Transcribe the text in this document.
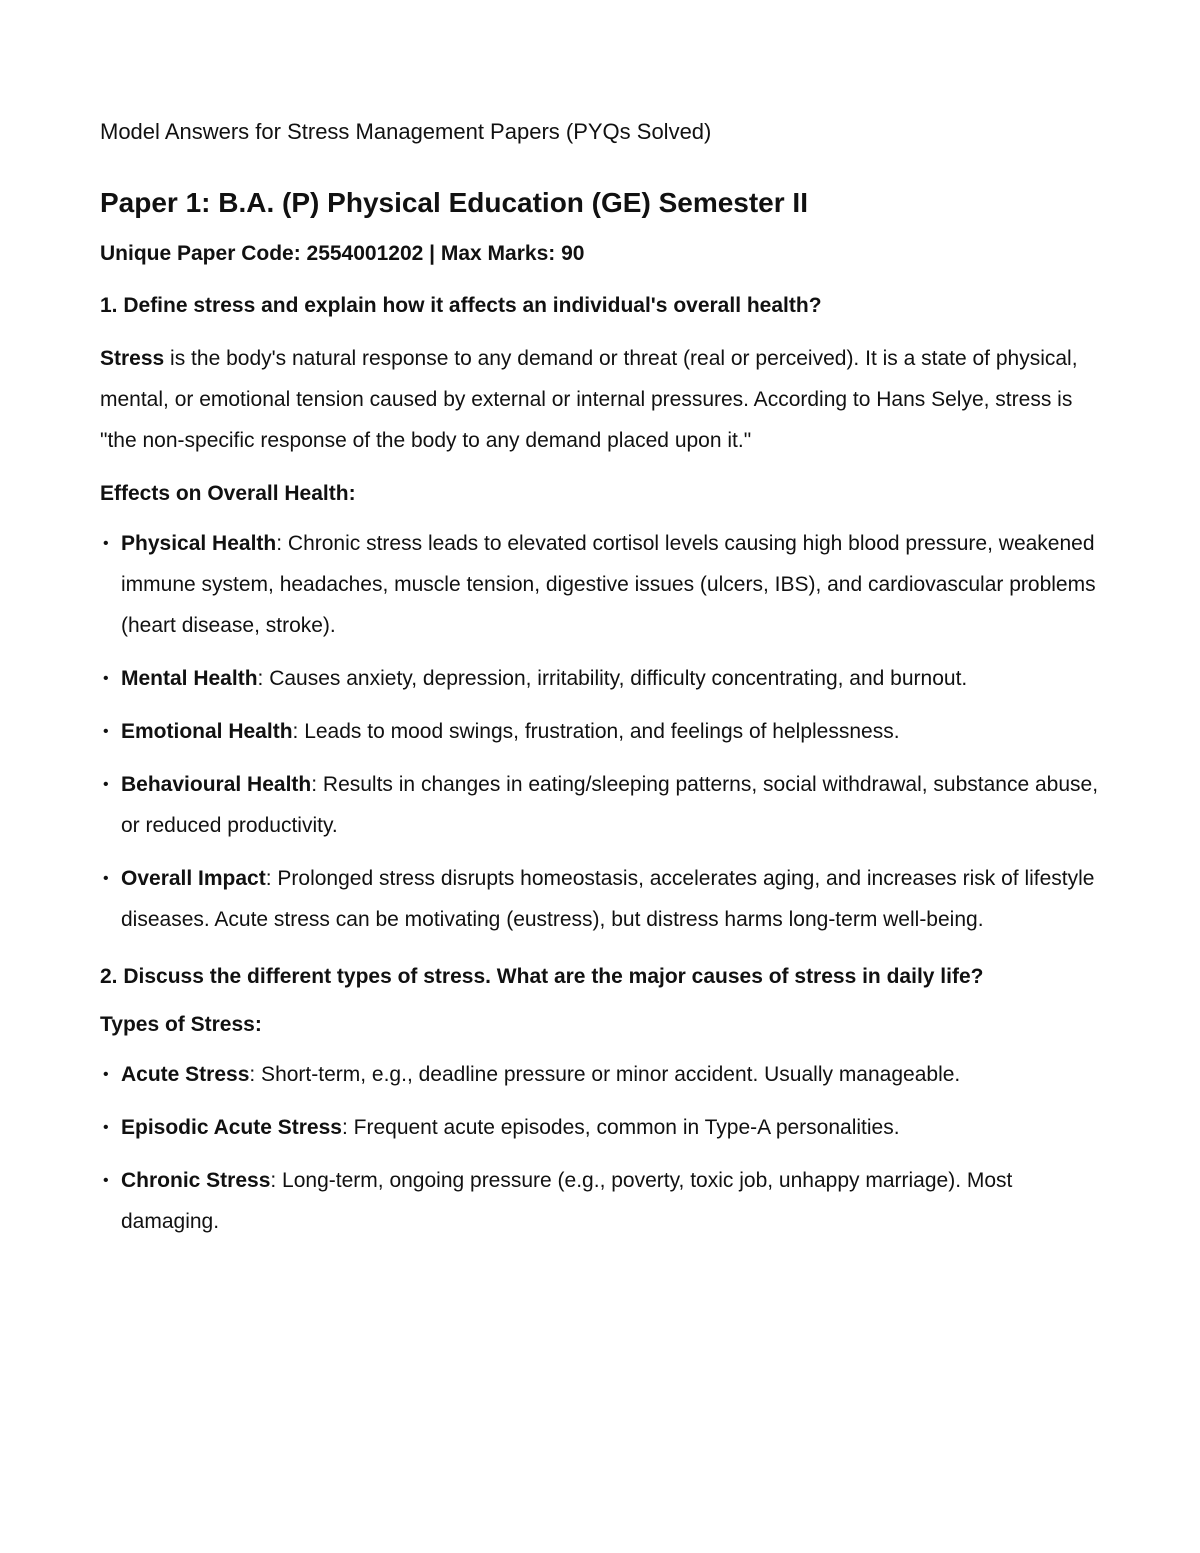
Model Answers for Stress Management Papers (PYQs Solved)

Paper 1: B.A. (P) Physical Education (GE) Semester II

Unique Paper Code: 2554001202 | Max Marks: 90

1. Define stress and explain how it affects an individual's overall health?

Stress is the body's natural response to any demand or threat (real or perceived). It is a state of physical, mental, or emotional tension caused by external or internal pressures. According to Hans Selye, stress is "the non-specific response of the body to any demand placed upon it."

Effects on Overall Health:

• Physical Health: Chronic stress leads to elevated cortisol levels causing high blood pressure, weakened immune system, headaches, muscle tension, digestive issues (ulcers, IBS), and cardiovascular problems (heart disease, stroke).
• Mental Health: Causes anxiety, depression, irritability, difficulty concentrating, and burnout.
• Emotional Health: Leads to mood swings, frustration, and feelings of helplessness.
• Behavioural Health: Results in changes in eating/sleeping patterns, social withdrawal, substance abuse, or reduced productivity.
• Overall Impact: Prolonged stress disrupts homeostasis, accelerates aging, and increases risk of lifestyle diseases. Acute stress can be motivating (eustress), but distress harms long-term well-being.

2. Discuss the different types of stress. What are the major causes of stress in daily life?

Types of Stress:

• Acute Stress: Short-term, e.g., deadline pressure or minor accident. Usually manageable.
• Episodic Acute Stress: Frequent acute episodes, common in Type-A personalities.
• Chronic Stress: Long-term, ongoing pressure (e.g., poverty, toxic job, unhappy marriage). Most damaging.
